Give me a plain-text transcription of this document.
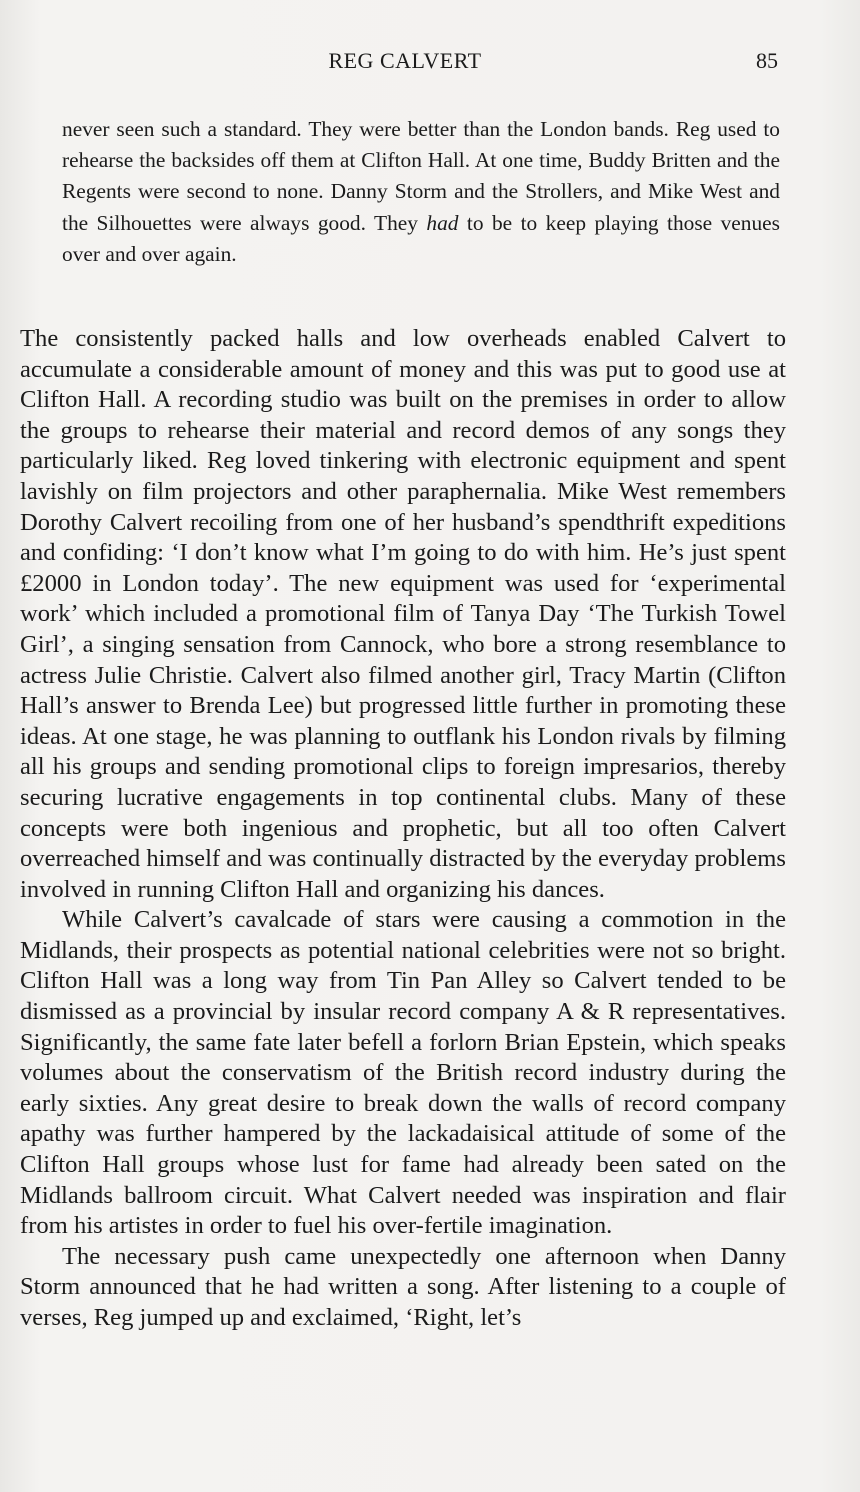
REG CALVERT	85

never seen such a standard. They were better than the London bands. Reg used to rehearse the backsides off them at Clifton Hall. At one time, Buddy Britten and the Regents were second to none. Danny Storm and the Strollers, and Mike West and the Silhouettes were always good. They had to be to keep playing those venues over and over again.

The consistently packed halls and low overheads enabled Calvert to accumulate a considerable amount of money and this was put to good use at Clifton Hall. A recording studio was built on the premises in order to allow the groups to rehearse their material and record demos of any songs they particularly liked. Reg loved tinkering with electronic equipment and spent lavishly on film projectors and other paraphernalia. Mike West remembers Dorothy Calvert recoiling from one of her husband’s spendthrift expeditions and confiding: ‘I don’t know what I’m going to do with him. He’s just spent £2000 in London today’. The new equipment was used for ‘experimental work’ which included a promotional film of Tanya Day ‘The Turkish Towel Girl’, a singing sensation from Cannock, who bore a strong resemblance to actress Julie Christie. Calvert also filmed another girl, Tracy Martin (Clifton Hall’s answer to Brenda Lee) but progressed little further in promoting these ideas. At one stage, he was planning to outflank his London rivals by filming all his groups and sending promotional clips to foreign impresarios, thereby securing lucrative engagements in top continental clubs. Many of these concepts were both ingenious and prophetic, but all too often Calvert overreached himself and was continually distracted by the everyday problems involved in running Clifton Hall and organizing his dances.

While Calvert’s cavalcade of stars were causing a commotion in the Midlands, their prospects as potential national celebrities were not so bright. Clifton Hall was a long way from Tin Pan Alley so Calvert tended to be dismissed as a provincial by insular record company A & R representatives. Significantly, the same fate later befell a forlorn Brian Epstein, which speaks volumes about the conservatism of the British record industry during the early sixties. Any great desire to break down the walls of record company apathy was further hampered by the lackadaisical attitude of some of the Clifton Hall groups whose lust for fame had already been sated on the Midlands ballroom circuit. What Calvert needed was inspiration and flair from his artistes in order to fuel his over-fertile imagination.

The necessary push came unexpectedly one afternoon when Danny Storm announced that he had written a song. After listening to a couple of verses, Reg jumped up and exclaimed, ‘Right, let’s
